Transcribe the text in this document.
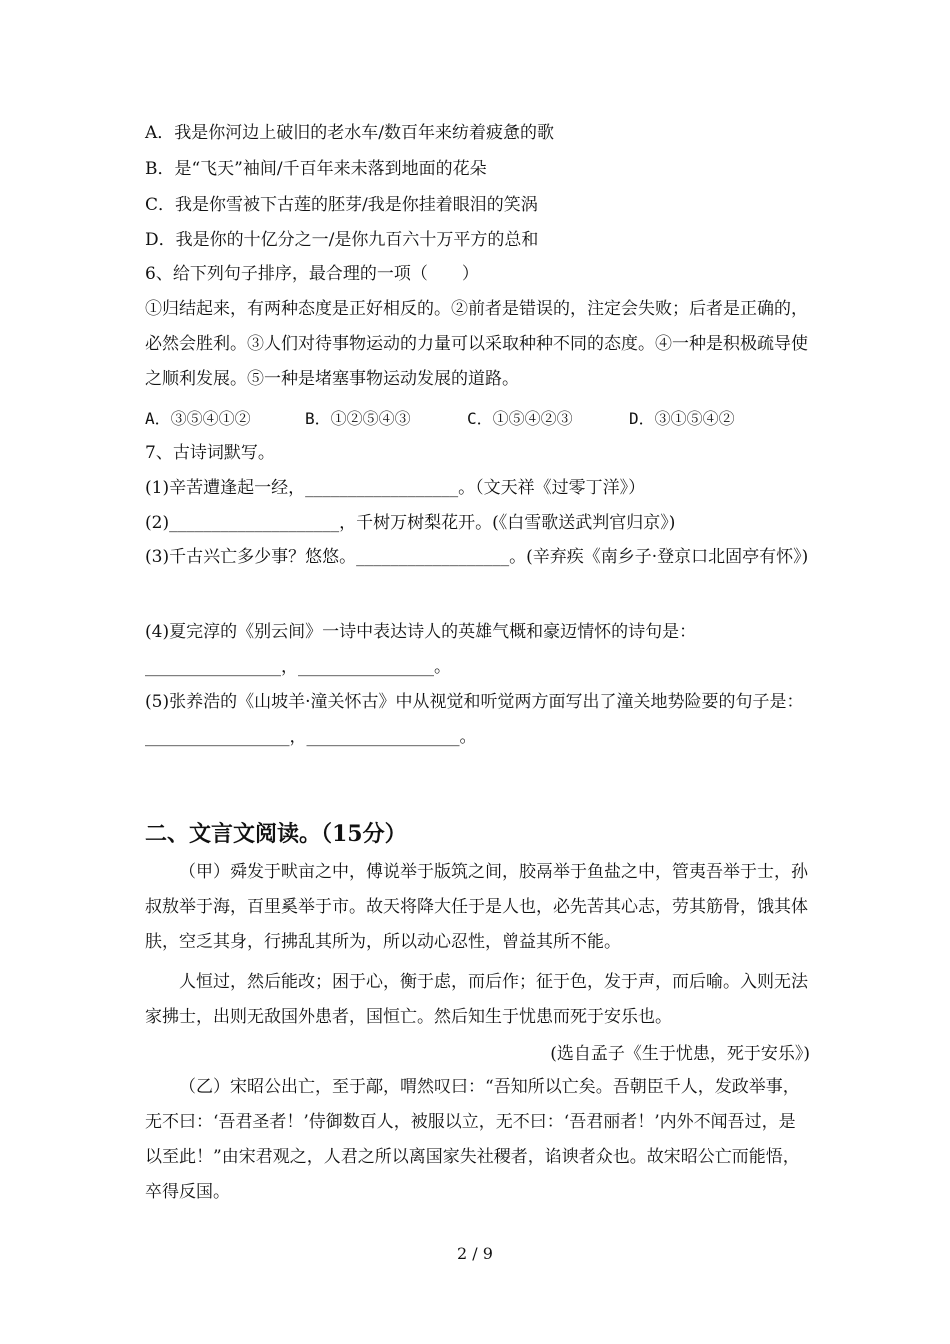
A．我是你河边上破旧的老水车/数百年来纺着疲惫的歌
B．是“飞天”袖间/千百年来未落到地面的花朵
C．我是你雪被下古莲的胚芽/我是你挂着眼泪的笑涡
D．我是你的十亿分之一/是你九百六十万平方的总和
6、给下列句子排序，最合理的一项（　　）
①归结起来，有两种态度是正好相反的。②前者是错误的，注定会失败；后者是正确的，必然会胜利。③人们对待事物运动的力量可以采取种种不同的态度。④一种是积极疏导使之顺利发展。⑤一种是堵塞事物运动发展的道路。
A．③⑤④①②	B．①②⑤④③	C．①⑤④②③	D．③①⑤④②
7、古诗词默写。
(1)辛苦遭逢起一经，__________________。（文天祥《过零丁洋》）
(2)____________________，千树万树梨花开。(《白雪歌送武判官归京》)
(3)千古兴亡多少事？悠悠。__________________。(辛弃疾《南乡子·登京口北固亭有怀》)
(4)夏完淳的《别云间》一诗中表达诗人的英雄气概和豪迈情怀的诗句是：________________，________________。
(5)张养浩的《山坡羊·潼关怀古》中从视觉和听觉两方面写出了潼关地势险要的句子是：_________________，__________________。
二、文言文阅读。（15分）
（甲）舜发于畎亩之中，傅说举于版筑之间，胶鬲举于鱼盐之中，管夷吾举于士，孙叔敖举于海，百里奚举于市。故天将降大任于是人也，必先苦其心志，劳其筋骨，饿其体肤，空乏其身，行拂乱其所为，所以动心忍性，曾益其所不能。
人恒过，然后能改；困于心，衡于虑，而后作；征于色，发于声，而后喻。入则无法家拂士，出则无敌国外患者，国恒亡。然后知生于忧患而死于安乐也。
(选自孟子《生于忧患，死于安乐》)
（乙）宋昭公出亡，至于鄗，喟然叹曰：“吾知所以亡矣。吾朝臣千人，发政举事，无不曰：‘吾君圣者！’侍御数百人，被服以立，无不曰：‘吾君丽者！’内外不闻吾过，是以至此！”由宋君观之，人君之所以离国家失社稷者，谄谀者众也。故宋昭公亡而能悟，卒得反国。
2 / 9
